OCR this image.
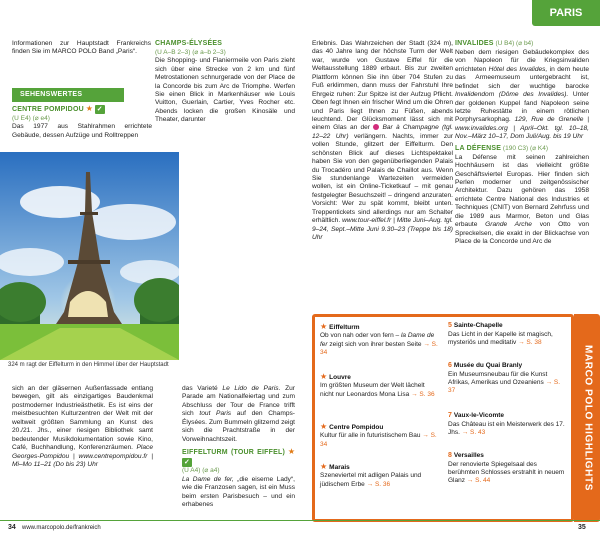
Informationen zur Hauptstadt Frankreichs finden Sie im MARCO POLO Band „Paris“.

SEHENSWERTES
CENTRE POMPIDOU ★ ✓
(U E4) (⌀ e4)

Das 1977 aus Stahlrahmen errichtete Gebäude, dessen Aufzüge und Rolltreppen

324 m ragt der Eiffelturm in den Himmel über der Hauptstadt

sich an der gläsernen Außenfassade entlang bewegen, gilt als einzigartiges Baudenkmal postmoderner Industrieästhetik. Es ist eins der meistbesuchten Kulturzentren der Welt mit der weltweit größten Sammlung an Kunst des 20./21. Jhs., einer riesigen Bibliothek samt bedeutender Musikdokumentation sowie Kino, Café, Buchhandlung, Konferenzräumen. Place Georges-Pompidou | www.centrepompidou.fr | Mi–Mo 11–21 (Do bis 23) Uhr

CHAMPS-ÉLYSÉES
(U A–B 2–3) (⌀ a–b 2–3)

Die Shopping- und Flaniermeile von Paris zieht sich über eine Strecke von 2 km und fünf Metrostationen schnurgerade von der Place de la Concorde bis zum Arc de Triomphe. Werfen Sie einen Blick in Markenhäuser wie Louis Vuitton, Guerlain, Cartier, Yves Rocher etc. Abends locken die großen Kinosäle und Theater, darunter

das Varieté Le Lido de Paris. Zur Parade am Nationalfeiertag und zum Abschluss der Tour de France trifft sich tout Paris auf den Champs-Élysées. Zum Bummeln glitzernd zeigt sich die Prachtstraße in der Vorweihnachtszeit.

EIFFELTURM (TOUR EIFFEL) ★ ✓
(U A4) (⌀ a4)

La Dame de fer, „die eiserne Lady“, wie die Franzosen sagen, ist ein Muss beim ersten Parisbesuch – und ein erhabenes

34 www.marcopolo.de/frankreich
PARIS

Erlebnis. Das Wahrzeichen der Stadt (324 m), das 40 Jahre lang der höchste Turm der Welt war, wurde von Gustave Eiffel für die Weltausstellung 1889 erbaut. Bis zur zweiten Plattform können Sie ihn über 704 Stufen zu Fuß erklimmen, dann muss der Fahrstuhl Ihre Ehrgeiz ruhen: Zur Spitze ist der Aufzug Pflicht. Oben fegt Ihnen ein frischer Wind um die Ohren und Paris liegt Ihnen zu Füßen, abends leuchtend. Der Glücksmoment lässt sich mit einem Glas an der Bar à Champagne (tgl. 12–22 Uhr) verlängern. Nachts, immer zur vollen Stunde, glitzert der Eiffelturm. Den schönsten Blick auf dieses Lichtspektakel haben Sie von den gegenüberliegenden Palais du Trocadéro und Palais de Chaillot aus. Wenn Sie stundenlange Wartezeiten vermeiden wollen, ist ein Online-Ticketkauf – mit genau festgelegter Besuchszeit! – dringend anzuraten. Vorsicht: Wer zu spät kommt, bleibt unten. Treppentickets sind allerdings nur am Schalter erhältlich. www.tour-eiffel.fr | Mitte Juni–Aug. tgl. 9–24, Sept.–Mitte Juni 9.30–23 (Treppe bis 18) Uhr

INVALIDES (U B4) (⌀ b4)

Neben dem riesigen Gebäudekomplex des von Napoleon für die Kriegsinvaliden errichteten Hôtel des Invalides, in dem heute das Armeemuseum untergebracht ist, befindet sich der wuchtige barocke Invalidendom (Dôme des Invalides). Unter der goldenen Kuppel fand Napoleon seine letzte Ruhestätte in einem rötlichen Porphyrsarkophag. 129, Rue de Grenelle | www.invalides.org | April–Okt. tgl. 10–18, Nov.–März 10–17, Dom Juli/Aug. bis 19 Uhr

LA DÉFENSE (190 C3) (⌀ K4)

La Défense mit seinen zahlreichen Hochhäusern ist das vielleicht größte Geschäftsviertel Europas. Hier finden sich Perlen moderner und zeitgenössischer Architektur. Dazu gehören das 1958 errichtete Centre National des Industries et Techniques (CNIT) von Bernard Zehrfuss und die 1989 aus Marmor, Beton und Glas erbaute Grande Arche von Otto von Spreckelsen, die exakt in der Blickachse von Place de la Concorde und Arc de

MARCO POLO HIGHLIGHTS
★ Eiffelturm
Ob von nah oder von fern – la Dame de fer zeigt sich von ihrer besten Seite → S. 34
★ Louvre
Im größten Museum der Welt lächelt nicht nur Leonardos Mona Lisa → S. 36
★ Centre Pompidou
Kultur für alle in futuristischem Bau → S. 34
★ Marais
Szeneviertel mit adligen Palais und jüdischem Erbe → S. 36
5 Sainte-Chapelle
Das Licht in der Kapelle ist magisch, mysteriös und meditativ → S. 38
6 Musée du Quai Branly
Ein Museumsneubau für die Kunst Afrikas, Amerikas und Ozeaniens → S. 37
7 Vaux-le-Vicomte
Das Château ist ein Meisterwerk des 17. Jhs. → S. 43
8 Versailles
Der renovierte Spiegelsaal des berühmten Schlosses erstrahlt in neuem Glanz → S. 44
35
